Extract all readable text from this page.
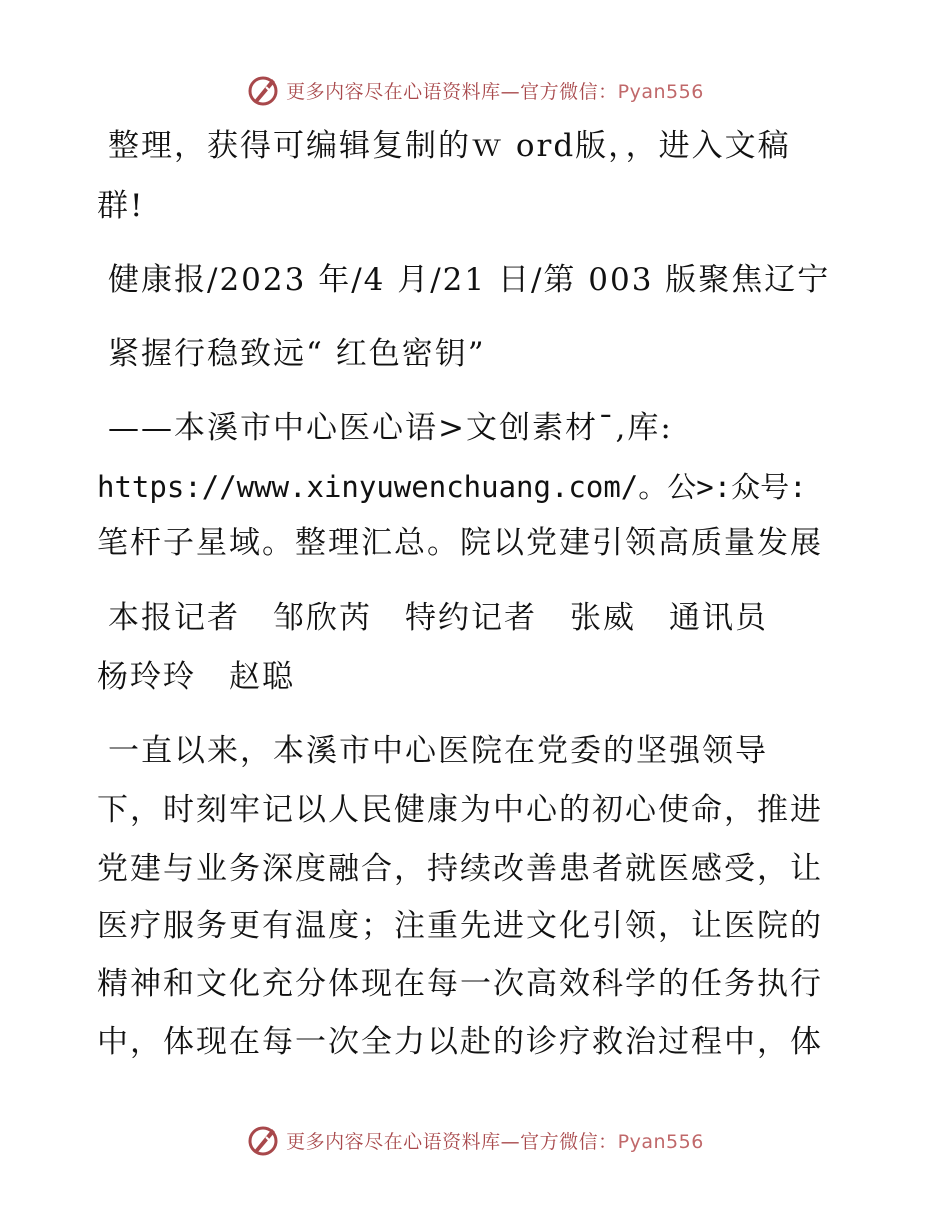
更多内容尽在心语资料库—官方微信：Pyan556
整理，获得可编辑复制的ｗ ord版，，进入文稿
群!
健康报/2023 年/4 月/21 日/第 003 版聚焦辽宁
紧握行稳致远“ 红色密钥”
——本溪市中心医心语>文创素材¯,库:
https://www.xinyuwenchuang.com/。公>:众号:
笔杆子星域。整理汇总。院以党建引领高质量发展
本报记者　邹欣芮　特约记者　张威　通讯员
杨玲玲　赵聪
一直以来，本溪市中心医院在党委的坚强领导
下，时刻牢记以人民健康为中心的初心使命，推进
党建与业务深度融合，持续改善患者就医感受，让
医疗服务更有温度；注重先进文化引领，让医院的
精神和文化充分体现在每一次高效科学的任务执行
中，体现在每一次全力以赴的诊疗救治过程中，体
更多内容尽在心语资料库—官方微信：Pyan556
